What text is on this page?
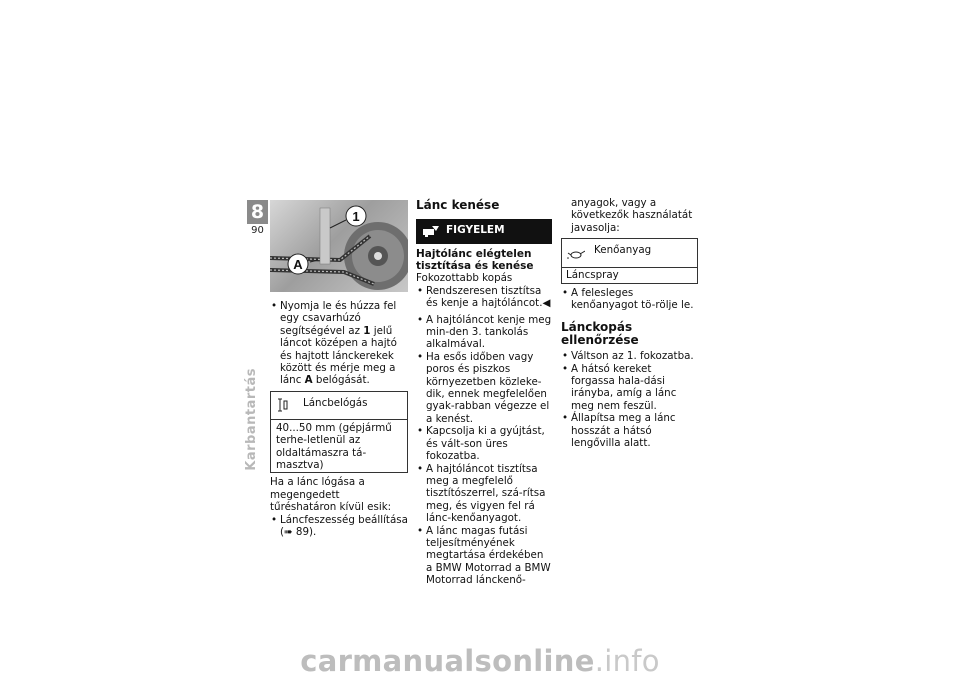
8
90
Karbantartás
1
A
• Nyomja le és húzza fel egy csavarhúzó segítségével az 1 jelű láncot középen a hajtó és hajtott lánckerekek között és mérje meg a lánc A belógását.
Láncbelógás
40...50 mm (gépjármű terhe-letlenül az oldaltámaszra tá-masztva)

Ha a lánc lógása a megengedett tűréshatáron kívül esik:

• Láncfeszesség beállítása (➠ 89).
Lánc kenése
FIGYELEM
Hajtólánc elégtelen tisztítása és kenése

Fokozottabb kopás

• Rendszeresen tisztítsa és kenje a hajtóláncot.◀
• A hajtóláncot kenje meg min-den 3. tankolás alkalmával.
• Ha esős időben vagy poros és piszkos környezetben közleke-dik, ennek megfelelően gyak-rabban végezze el a kenést.
• Kapcsolja ki a gyújtást, és vált-son üres fokozatba.
• A hajtóláncot tisztítsa meg a megfelelő tisztítószerrel, szá-rítsa meg, és vigyen fel rá lánc-kenőanyagot.
• A lánc magas futási teljesítményének megtartása érdekében a BMW Motorrad a BMW Motorrad lánckenő-

anyagok, vagy a következők használatát javasolja:

Kenőanyag
Láncspray
• A felesleges kenőanyagot tö-rölje le.
Lánckopás ellenőrzése
• Váltson az 1. fokozatba.
• A hátsó kereket forgassa hala-dási irányba, amíg a lánc meg nem feszül.
• Állapítsa meg a lánc hosszát a hátsó lengővilla alatt.
carmanualsonline.info
